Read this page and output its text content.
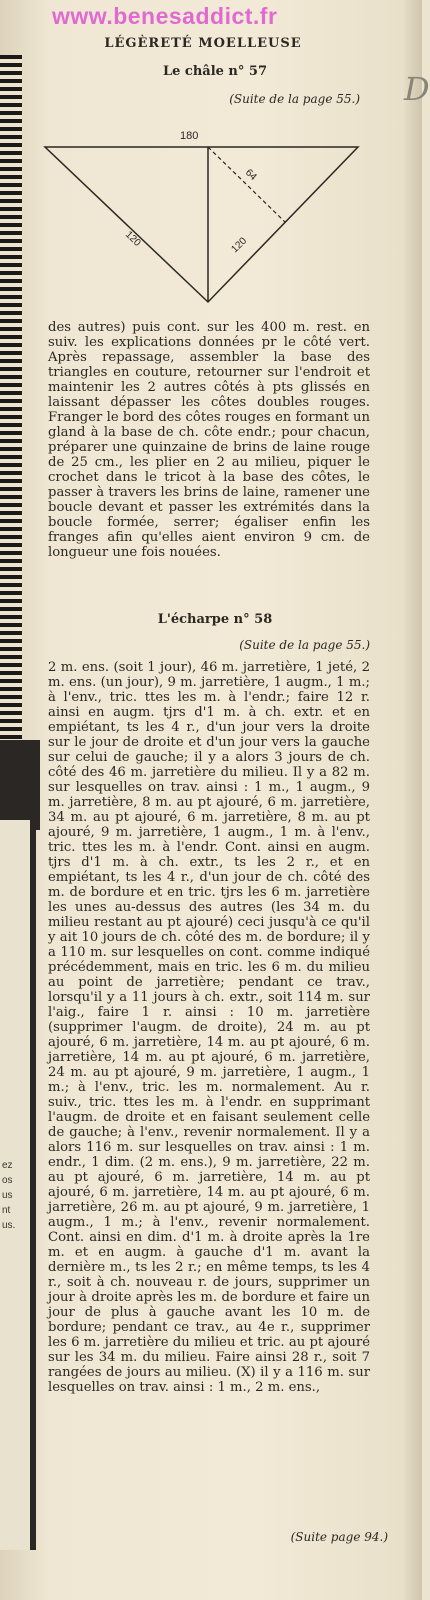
ez
os
us
nt
us.
D
www.benesaddict.fr
LÉGÈRETÉ MOELLEUSE
Le châle n° 57
(Suite de la page 55.)
180
120	120
64
des autres) puis cont. sur les 400 m. rest. en suiv. les explications données pr le côté vert. Après repassage, assembler la base des triangles en couture, retourner sur l'endroit et maintenir les 2 autres côtés à pts glissés en laissant dépasser les côtes doubles rouges. Franger le bord des côtes rouges en formant un gland à la base de ch. côte endr.; pour chacun, préparer une quinzaine de brins de laine rouge de 25 cm., les plier en 2 au milieu, piquer le crochet dans le tricot à la base des côtes, le passer à travers les brins de laine, ramener une boucle devant et passer les extrémités dans la boucle formée, serrer; égaliser enfin les franges afin qu'elles aient environ 9 cm. de longueur une fois nouées.
L'écharpe n° 58
(Suite de la page 55.)
2 m. ens. (soit 1 jour), 46 m. jarretière, 1 jeté, 2 m. ens. (un jour), 9 m. jarretière, 1 augm., 1 m.; à l'env., tric. ttes les m. à l'endr.; faire 12 r. ainsi en augm. tjrs d'1 m. à ch. extr. et en empiétant, ts les 4 r., d'un jour vers la droite sur le jour de droite et d'un jour vers la gauche sur celui de gauche; il y a alors 3 jours de ch. côté des 46 m. jarretière du milieu. Il y a 82 m. sur lesquelles on trav. ainsi : 1 m., 1 augm., 9 m. jarretière, 8 m. au pt ajouré, 6 m. jarretière, 34 m. au pt ajouré, 6 m. jarretière, 8 m. au pt ajouré, 9 m. jarretière, 1 augm., 1 m. à l'env., tric. ttes les m. à l'endr. Cont. ainsi en augm. tjrs d'1 m. à ch. extr., ts les 2 r., et en empiétant, ts les 4 r., d'un jour de ch. côté des m. de bordure et en tric. tjrs les 6 m. jarretière les unes au-dessus des autres (les 34 m. du milieu restant au pt ajouré) ceci jusqu'à ce qu'il y ait 10 jours de ch. côté des m. de bordure; il y a 110 m. sur lesquelles on cont. comme indiqué précédemment, mais en tric. les 6 m. du milieu au point de jarretière; pendant ce trav., lorsqu'il y a 11 jours à ch. extr., soit 114 m. sur l'aig., faire 1 r. ainsi : 10 m. jarretière (supprimer l'augm. de droite), 24 m. au pt ajouré, 6 m. jarretière, 14 m. au pt ajouré, 6 m. jarretière, 14 m. au pt ajouré, 6 m. jarretière, 24 m. au pt ajouré, 9 m. jarretière, 1 augm., 1 m.; à l'env., tric. les m. normalement. Au r. suiv., tric. ttes les m. à l'endr. en supprimant l'augm. de droite et en faisant seulement celle de gauche; à l'env., revenir normalement. Il y a alors 116 m. sur lesquelles on trav. ainsi : 1 m. endr., 1 dim. (2 m. ens.), 9 m. jarretière, 22 m. au pt ajouré, 6 m. jarretière, 14 m. au pt ajouré, 6 m. jarretière, 14 m. au pt ajouré, 6 m. jarretière, 26 m. au pt ajouré, 9 m. jarretière, 1 augm., 1 m.; à l'env., revenir normalement. Cont. ainsi en dim. d'1 m. à droite après la 1re m. et en augm. à gauche d'1 m. avant la dernière m., ts les 2 r.; en même temps, ts les 4 r., soit à ch. nouveau r. de jours, supprimer un jour à droite après les m. de bordure et faire un jour de plus à gauche avant les 10 m. de bordure; pendant ce trav., au 4e r., supprimer les 6 m. jarretière du milieu et tric. au pt ajouré sur les 34 m. du milieu. Faire ainsi 28 r., soit 7 rangées de jours au milieu. (X) il y a 116 m. sur lesquelles on trav. ainsi : 1 m., 2 m. ens.,
(Suite page 94.)
